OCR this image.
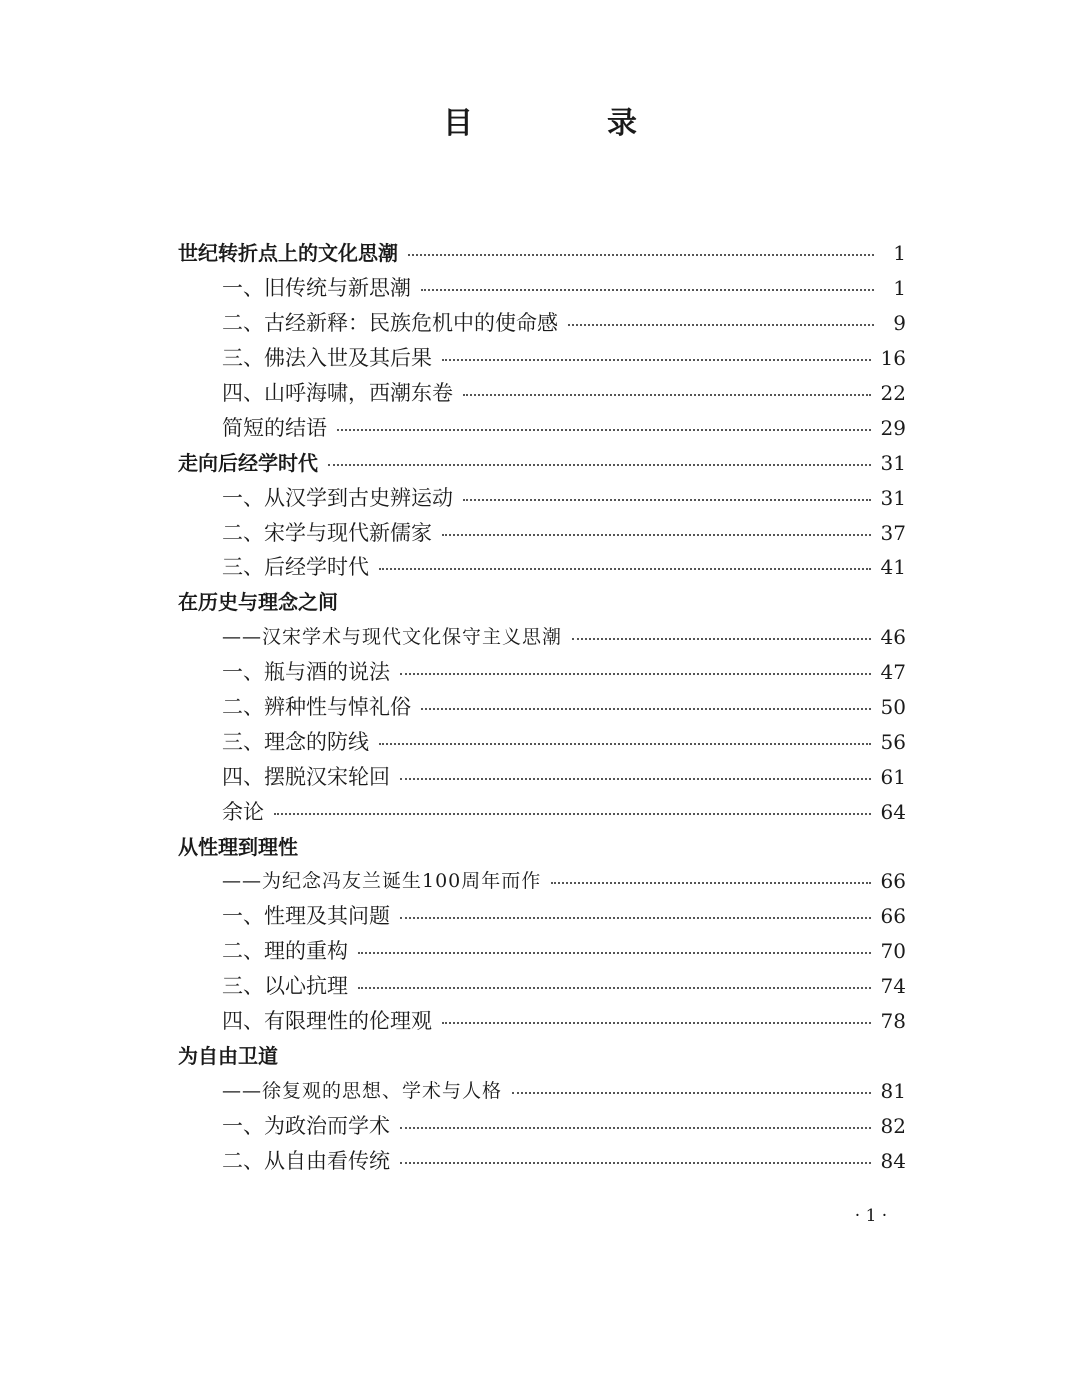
目　录
世纪转折点上的文化思潮	1
一、旧传统与新思潮	1
二、古经新释：民族危机中的使命感	9
三、佛法入世及其后果	16
四、山呼海啸，西潮东卷	22
简短的结语	29
走向后经学时代	31
一、从汉学到古史辨运动	31
二、宋学与现代新儒家	37
三、后经学时代	41
在历史与理念之间
——汉宋学术与现代文化保守主义思潮	46
一、瓶与酒的说法	47
二、辨种性与悼礼俗	50
三、理念的防线	56
四、摆脱汉宋轮回	61
余论	64
从性理到理性
——为纪念冯友兰诞生100周年而作	66
一、性理及其问题	66
二、理的重构	70
三、以心抗理	74
四、有限理性的伦理观	78
为自由卫道
——徐复观的思想、学术与人格	81
一、为政治而学术	82
二、从自由看传统	84
· 1 ·
